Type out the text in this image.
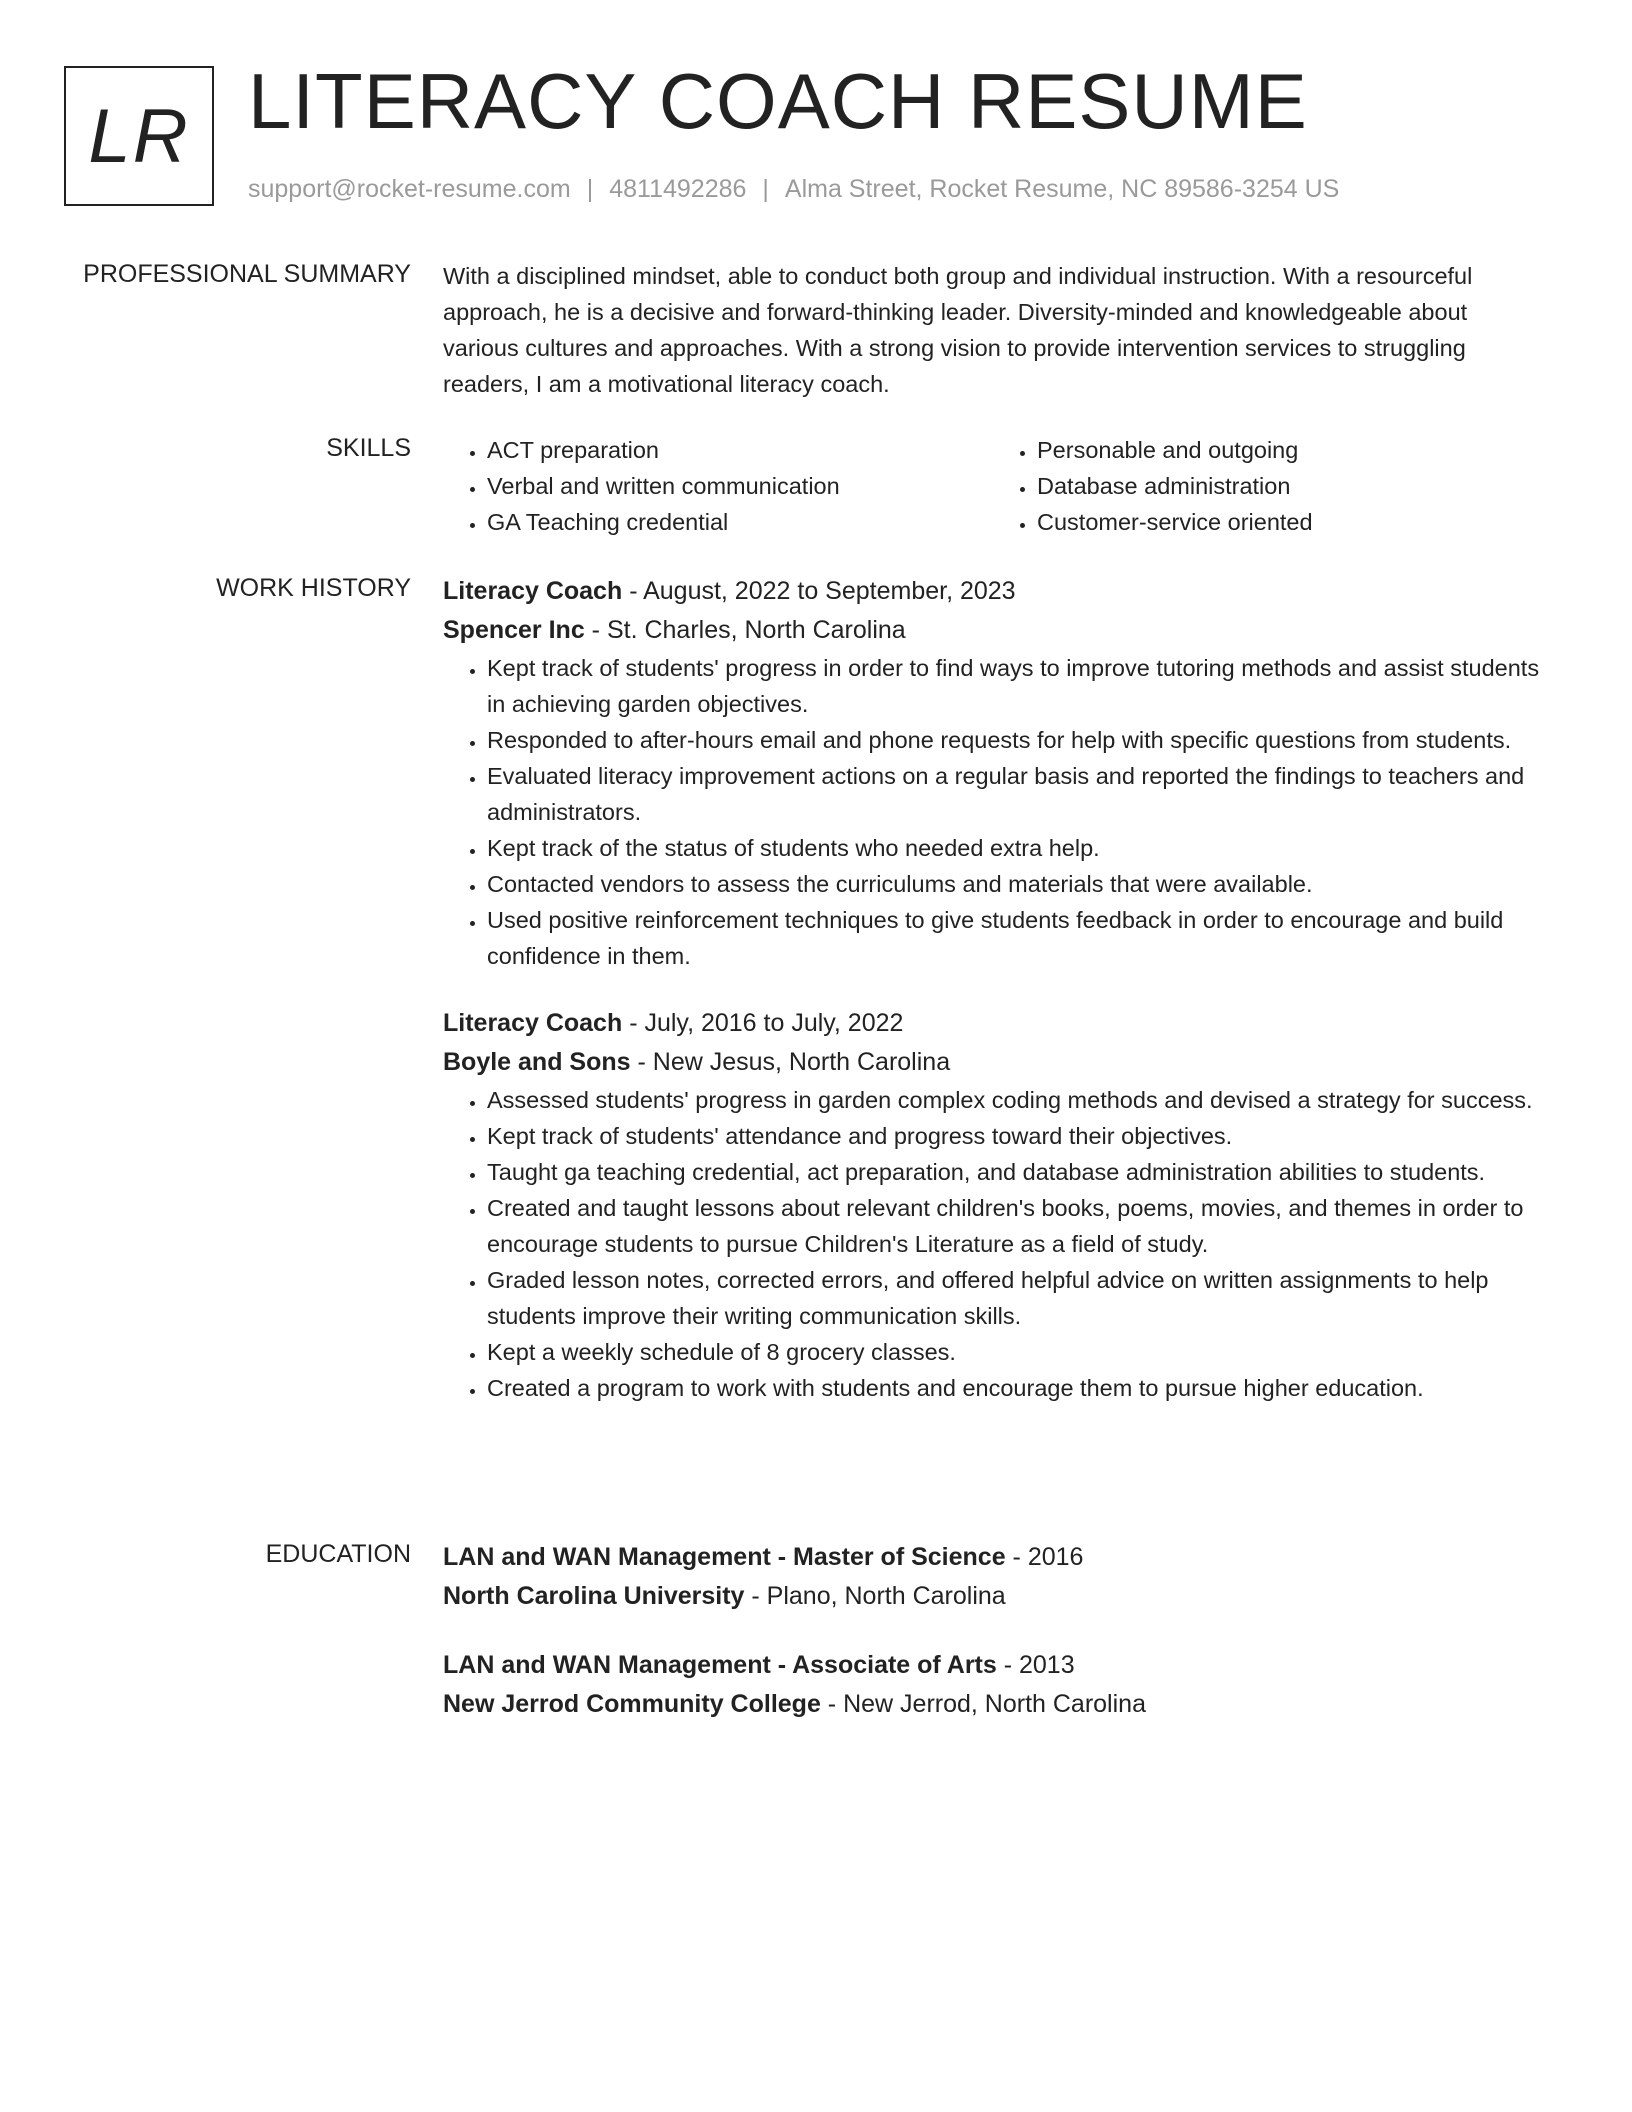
LR LITERACY COACH RESUME
support@rocket-resume.com | 4811492286 | Alma Street, Rocket Resume, NC 89586-3254 US
PROFESSIONAL SUMMARY With a disciplined mindset, able to conduct both group and individual instruction. With a resourceful approach, he is a decisive and forward-thinking leader. Diversity-minded and knowledgeable about various cultures and approaches. With a strong vision to provide intervention services to struggling readers, I am a motivational literacy coach.

SKILLS
•	ACT preparation
• Verbal and written communication
• GA Teaching credential
• Personable and outgoing
• Database administration
• Customer-service oriented
WORK HISTORY Literacy Coach - August, 2022 to September, 2023
Spencer Inc - St. Charles, North Carolina
• Kept track of students' progress in order to find ways to improve tutoring methods and assist students in achieving garden objectives.
• Responded to after-hours email and phone requests for help with specific questions from students.
• Evaluated literacy improvement actions on a regular basis and reported the findings to teachers and administrators.
• Kept track of the status of students who needed extra help.
• Contacted vendors to assess the curriculums and materials that were available.
• Used positive reinforcement techniques to give students feedback in order to encourage and build confidence in them.
Literacy Coach - July, 2016 to July, 2022
Boyle and Sons - New Jesus, North Carolina
• Assessed students' progress in garden complex coding methods and devised a strategy for success.
• Kept track of students' attendance and progress toward their objectives.
• Taught ga teaching credential, act preparation, and database administration abilities to students.
• Created and taught lessons about relevant children's books, poems, movies, and themes in order to encourage students to pursue Children's Literature as a field of study.
• Graded lesson notes, corrected errors, and offered helpful advice on written assignments to help students improve their writing communication skills.
• Kept a weekly schedule of 8 grocery classes.
• Created a program to work with students and encourage them to pursue higher education.
EDUCATION LAN and WAN Management - Master of Science - 2016
North Carolina University - Plano, North Carolina
LAN and WAN Management - Associate of Arts - 2013
New Jerrod Community College - New Jerrod, North Carolina
